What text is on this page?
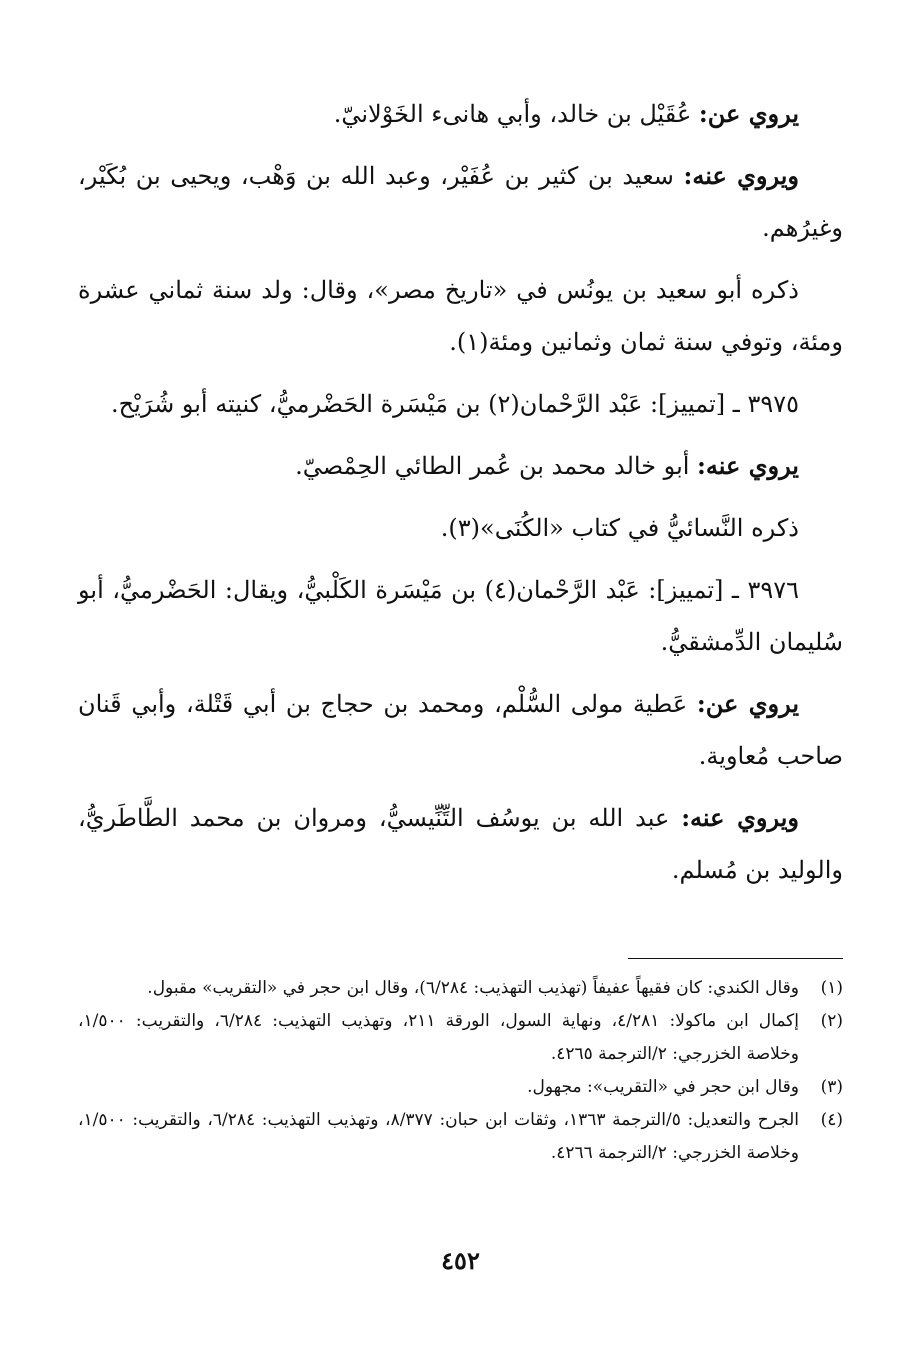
يروي عن: عُقَيْل بن خالد، وأبي هانىء الخَوْلانيّ.

ويروي عنه: سعيد بن كثير بن عُفَيْر، وعبد الله بن وَهْب، ويحيى بن بُكَيْر، وغيرُهم.

ذكره أبو سعيد بن يونُس في «تاريخ مصر»، وقال: ولد سنة ثماني عشرة ومئة، وتوفي سنة ثمان وثمانين ومئة(١).

٣٩٧٥ ـ [تمييز]: عَبْد الرَّحْمان(٢) بن مَيْسَرة الحَضْرميُّ، كنيته أبو شُرَيْح.

يروي عنه: أبو خالد محمد بن عُمر الطائي الحِمْصيّ.

ذكره النَّسائيُّ في كتاب «الكُنَى»(٣).

٣٩٧٦ ـ [تمييز]: عَبْد الرَّحْمان(٤) بن مَيْسَرة الكَلْبيُّ، ويقال: الحَضْرميُّ، أبو سُليمان الدِّمشقيُّ.

يروي عن: عَطية مولى السُّلْم، ومحمد بن حجاج بن أبي قَتْلة، وأبي قَنان صاحب مُعاوية.

ويروي عنه: عبد الله بن يوسُف التِّنِّيسيُّ، ومروان بن محمد الطَّاطَريُّ، والوليد بن مُسلم.

(١)
وقال الكندي: كان فقيهاً عفيفاً (تهذيب التهذيب: ٦/٢٨٤)، وقال ابن حجر في «التقريب» مقبول.
(٢)
إكمال ابن ماكولا: ٤/٢٨١، ونهاية السول، الورقة ٢١١، وتهذيب التهذيب: ٦/٢٨٤، والتقريب: ١/٥٠٠، وخلاصة الخزرجي: ٢/الترجمة ٤٢٦٥.
(٣)
وقال ابن حجر في «التقريب»: مجهول.
(٤)
الجرح والتعديل: ٥/الترجمة ١٣٦٣، وثقات ابن حبان: ٨/٣٧٧، وتهذيب التهذيب: ٦/٢٨٤، والتقريب: ١/٥٠٠، وخلاصة الخزرجي: ٢/الترجمة ٤٢٦٦.
٤٥٢
